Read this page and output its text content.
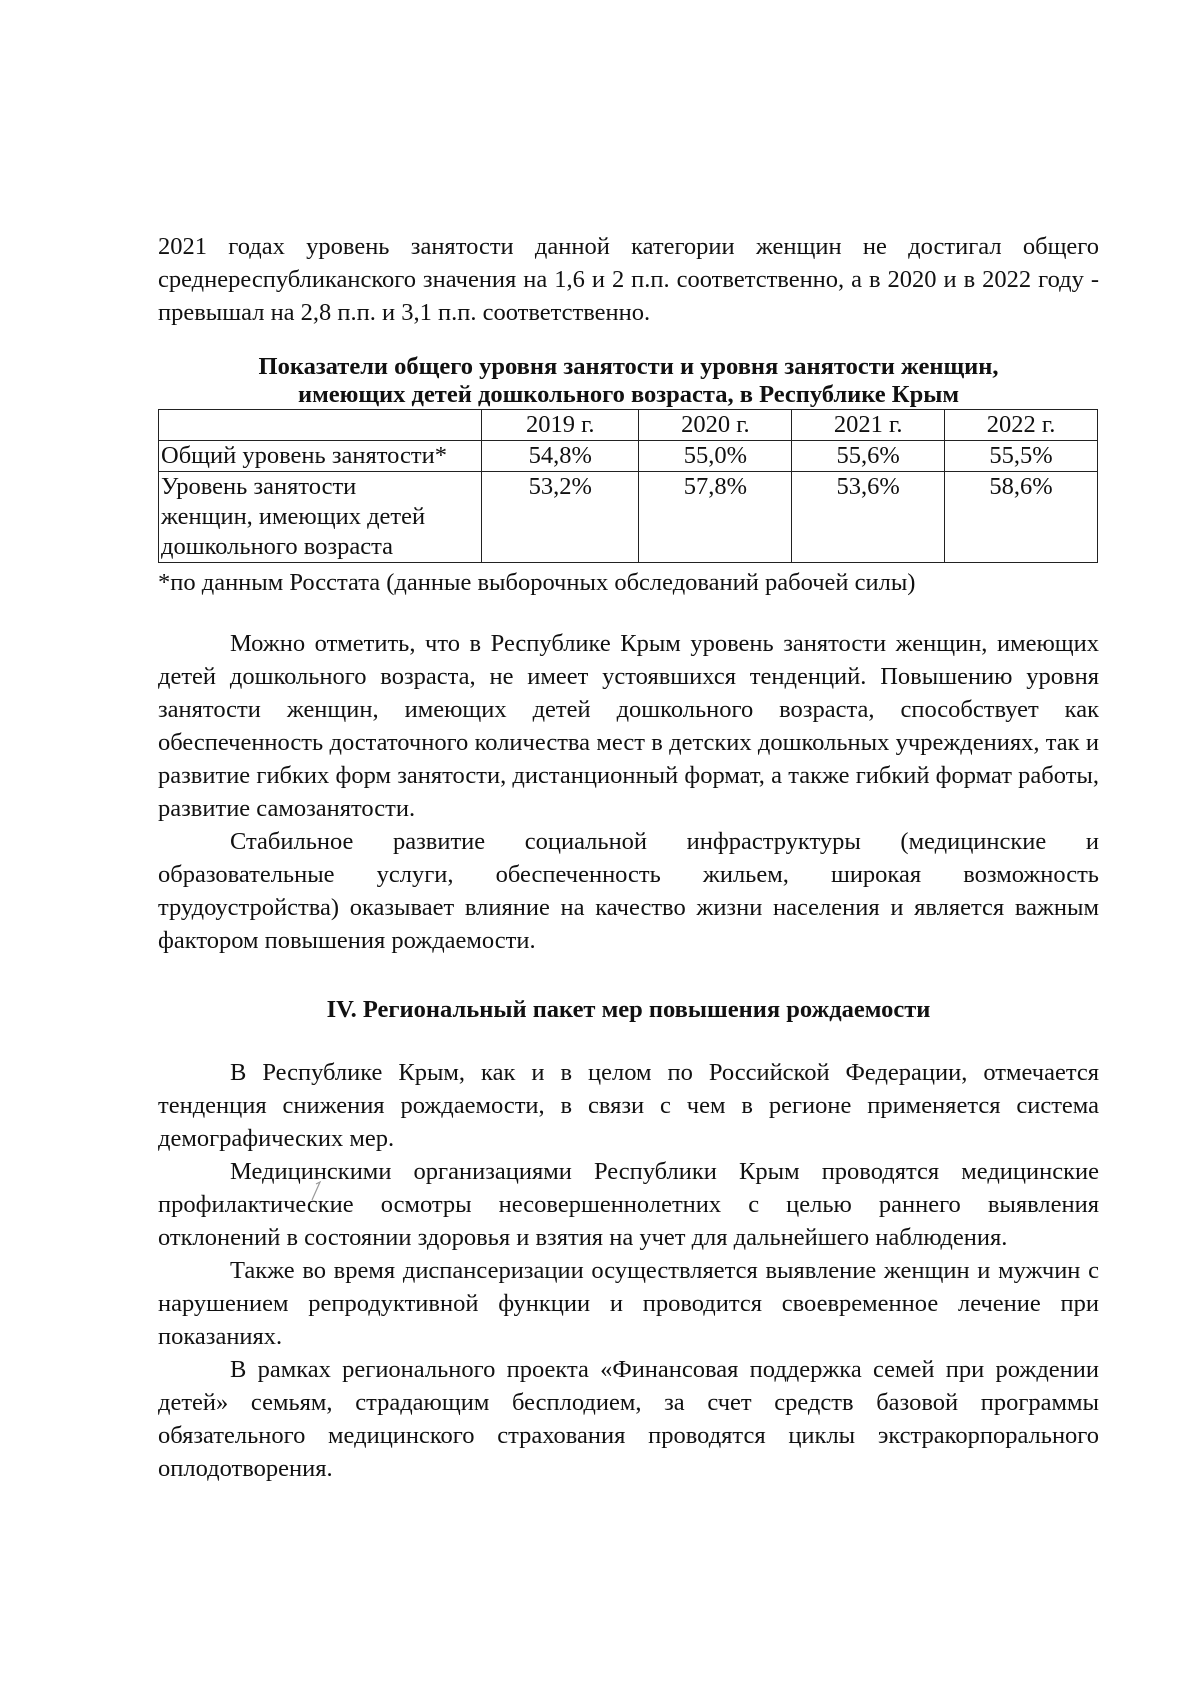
2021 годах уровень занятости данной категории женщин не достигал общего среднереспубликанского значения на 1,6 и 2 п.п. соответственно, а в 2020 и в 2022 году - превышал на 2,8 п.п. и 3,1 п.п. соответственно.

Показатели общего уровня занятости и уровня занятости женщин,
имеющих детей дошкольного возраста, в Республике Крым
	2019 г.	2020 г.	2021 г.	2022 г.
Общий уровень занятости*	54,8%	55,0%	55,6%	55,5%

Уровень занятости
женщин, имеющих детей
дошкольного возраста	53,2%	57,8%	53,6%	58,6%

*по данным Росстата (данные выборочных обследований рабочей силы)

Можно отметить, что в Республике Крым уровень занятости женщин, имеющих детей дошкольного возраста, не имеет устоявшихся тенденций. Повышению уровня занятости женщин, имеющих детей дошкольного возраста, способствует как обеспеченность достаточного количества мест в детских дошкольных учреждениях, так и развитие гибких форм занятости, дистанционный формат, а также гибкий формат работы, развитие самозанятости.

Стабильное развитие социальной инфраструктуры (медицинские и образовательные услуги, обеспеченность жильем, широкая возможность трудоустройства) оказывает влияние на качество жизни населения и является важным фактором повышения рождаемости.

IV. Региональный пакет мер повышения рождаемости

В Республике Крым, как и в целом по Российской Федерации, отмечается тенденция снижения рождаемости, в связи с чем в регионе применяется система демографических мер.

Медицинскими организациями Республики Крым проводятся медицинские профилактические осмотры несовершеннолетних с целью раннего выявления отклонений в состоянии здоровья и взятия на учет для дальнейшего наблюдения.

Также во время диспансеризации осуществляется выявление женщин и мужчин с нарушением репродуктивной функции и проводится своевременное лечение при показаниях.

В рамках регионального проекта «Финансовая поддержка семей при рождении детей» семьям, страдающим бесплодием, за счет средств базовой программы обязательного медицинского страхования проводятся циклы экстракорпорального оплодотворения.
